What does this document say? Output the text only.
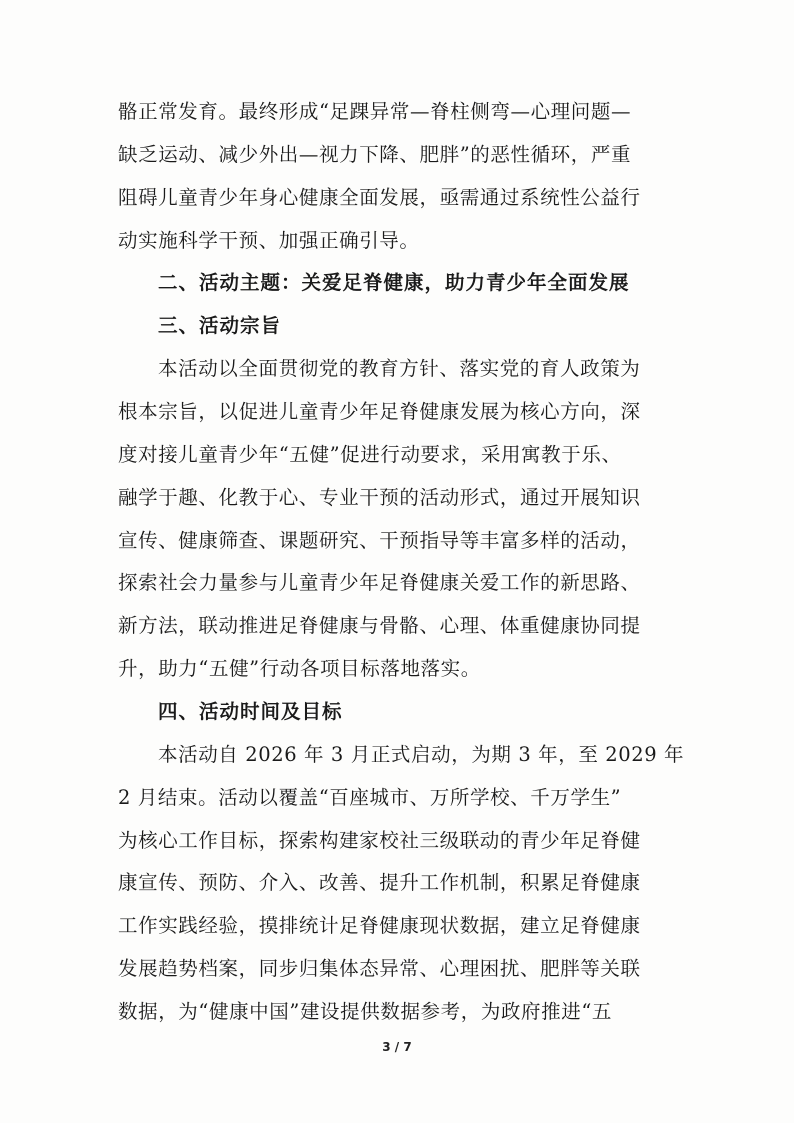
骼正常发育。最终形成“足踝异常—脊柱侧弯—心理问题—
缺乏运动、减少外出—视力下降、肥胖”的恶性循环，严重
阻碍儿童青少年身心健康全面发展，亟需通过系统性公益行
动实施科学干预、加强正确引导。
二、活动主题：关爱足脊健康，助力青少年全面发展
三、活动宗旨
本活动以全面贯彻党的教育方针、落实党的育人政策为
根本宗旨，以促进儿童青少年足脊健康发展为核心方向，深
度对接儿童青少年“五健”促进行动要求，采用寓教于乐、
融学于趣、化教于心、专业干预的活动形式，通过开展知识
宣传、健康筛查、课题研究、干预指导等丰富多样的活动，
探索社会力量参与儿童青少年足脊健康关爱工作的新思路、
新方法，联动推进足脊健康与骨骼、心理、体重健康协同提
升，助力“五健”行动各项目标落地落实。
四、活动时间及目标
本活动自 2026 年 3 月正式启动，为期 3 年，至 2029 年
2 月结束。活动以覆盖“百座城市、万所学校、千万学生”
为核心工作目标，探索构建家校社三级联动的青少年足脊健
康宣传、预防、介入、改善、提升工作机制，积累足脊健康
工作实践经验，摸排统计足脊健康现状数据，建立足脊健康
发展趋势档案，同步归集体态异常、心理困扰、肥胖等关联
数据，为“健康中国”建设提供数据参考，为政府推进“五
3 / 7
